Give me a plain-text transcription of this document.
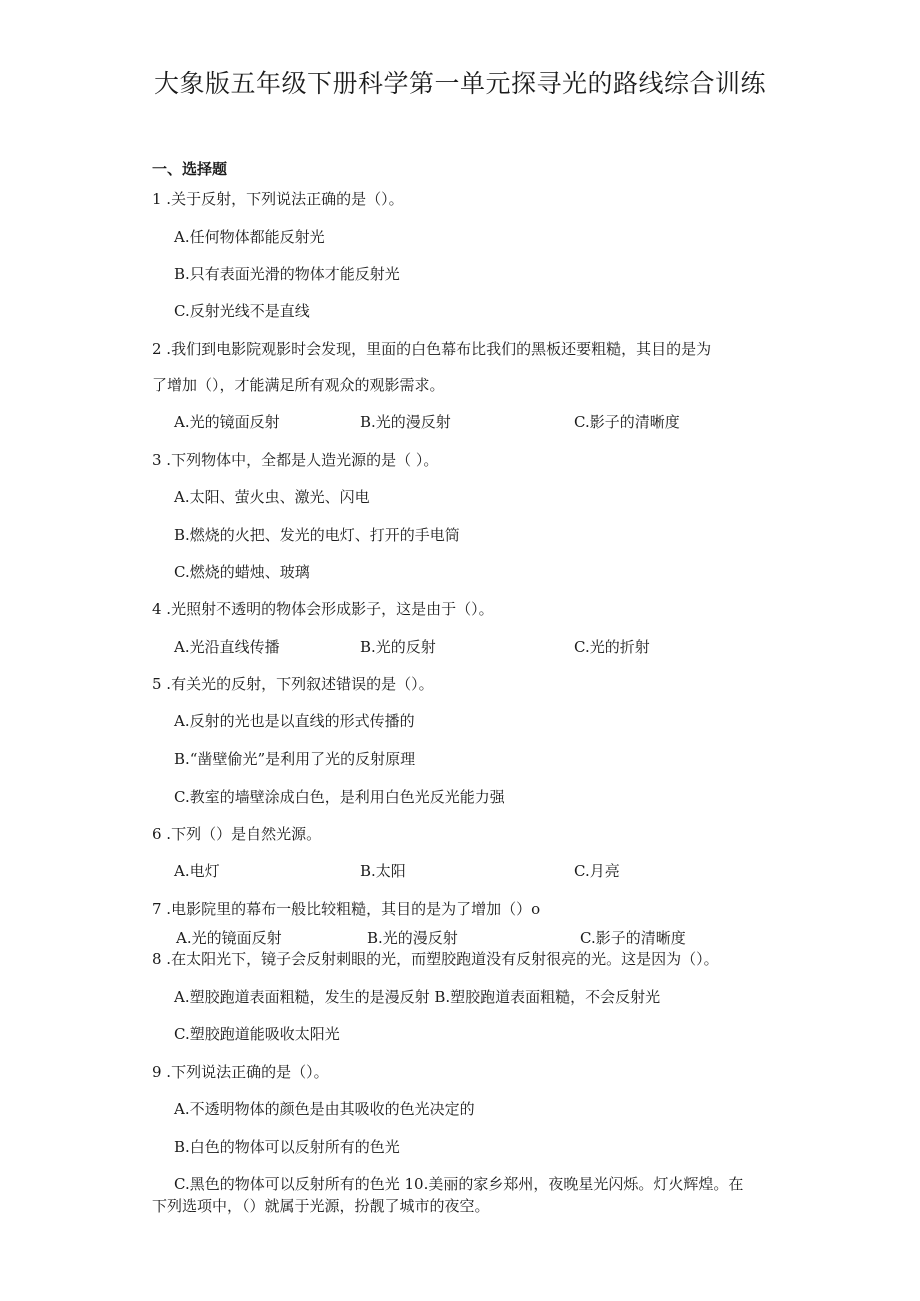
大象版五年级下册科学第一单元探寻光的路线综合训练
一、选择题
1 .关于反射，下列说法正确的是（）。
A.任何物体都能反射光
B.只有表面光滑的物体才能反射光
C.反射光线不是直线
2 .我们到电影院观影时会发现，里面的白色幕布比我们的黑板还要粗糙，其目的是为
了增加（），才能满足所有观众的观影需求。
A.光的镜面反射	B.光的漫反射	C.影子的清晰度
3 .下列物体中，全都是人造光源的是（ ）。
A.太阳、萤火虫、激光、闪电
B.燃烧的火把、发光的电灯、打开的手电筒
C.燃烧的蜡烛、玻璃
4 .光照射不透明的物体会形成影子，这是由于（）。
A.光沿直线传播	B.光的反射	C.光的折射
5 .有关光的反射，下列叙述错误的是（）。
A.反射的光也是以直线的形式传播的
B.“凿壁偷光”是利用了光的反射原理
C.教室的墙壁涂成白色，是利用白色光反光能力强
6 .下列（）是自然光源。
A.电灯	B.太阳	C.月亮
7 .电影院里的幕布一般比较粗糙，其目的是为了增加（）o
A.光的镜面反射	B.光的漫反射	C.影子的清晰度
8 .在太阳光下，镜子会反射刺眼的光，而塑胶跑道没有反射很亮的光。这是因为（）。
A.塑胶跑道表面粗糙，发生的是漫反射 B.塑胶跑道表面粗糙，不会反射光
C.塑胶跑道能吸收太阳光
9 .下列说法正确的是（）。
A.不透明物体的颜色是由其吸收的色光决定的
B.白色的物体可以反射所有的色光
C.黑色的物体可以反射所有的色光 10.美丽的家乡郑州，夜晚星光闪烁。灯火辉煌。在
下列选项中，（）就属于光源，扮靓了城市的夜空。
